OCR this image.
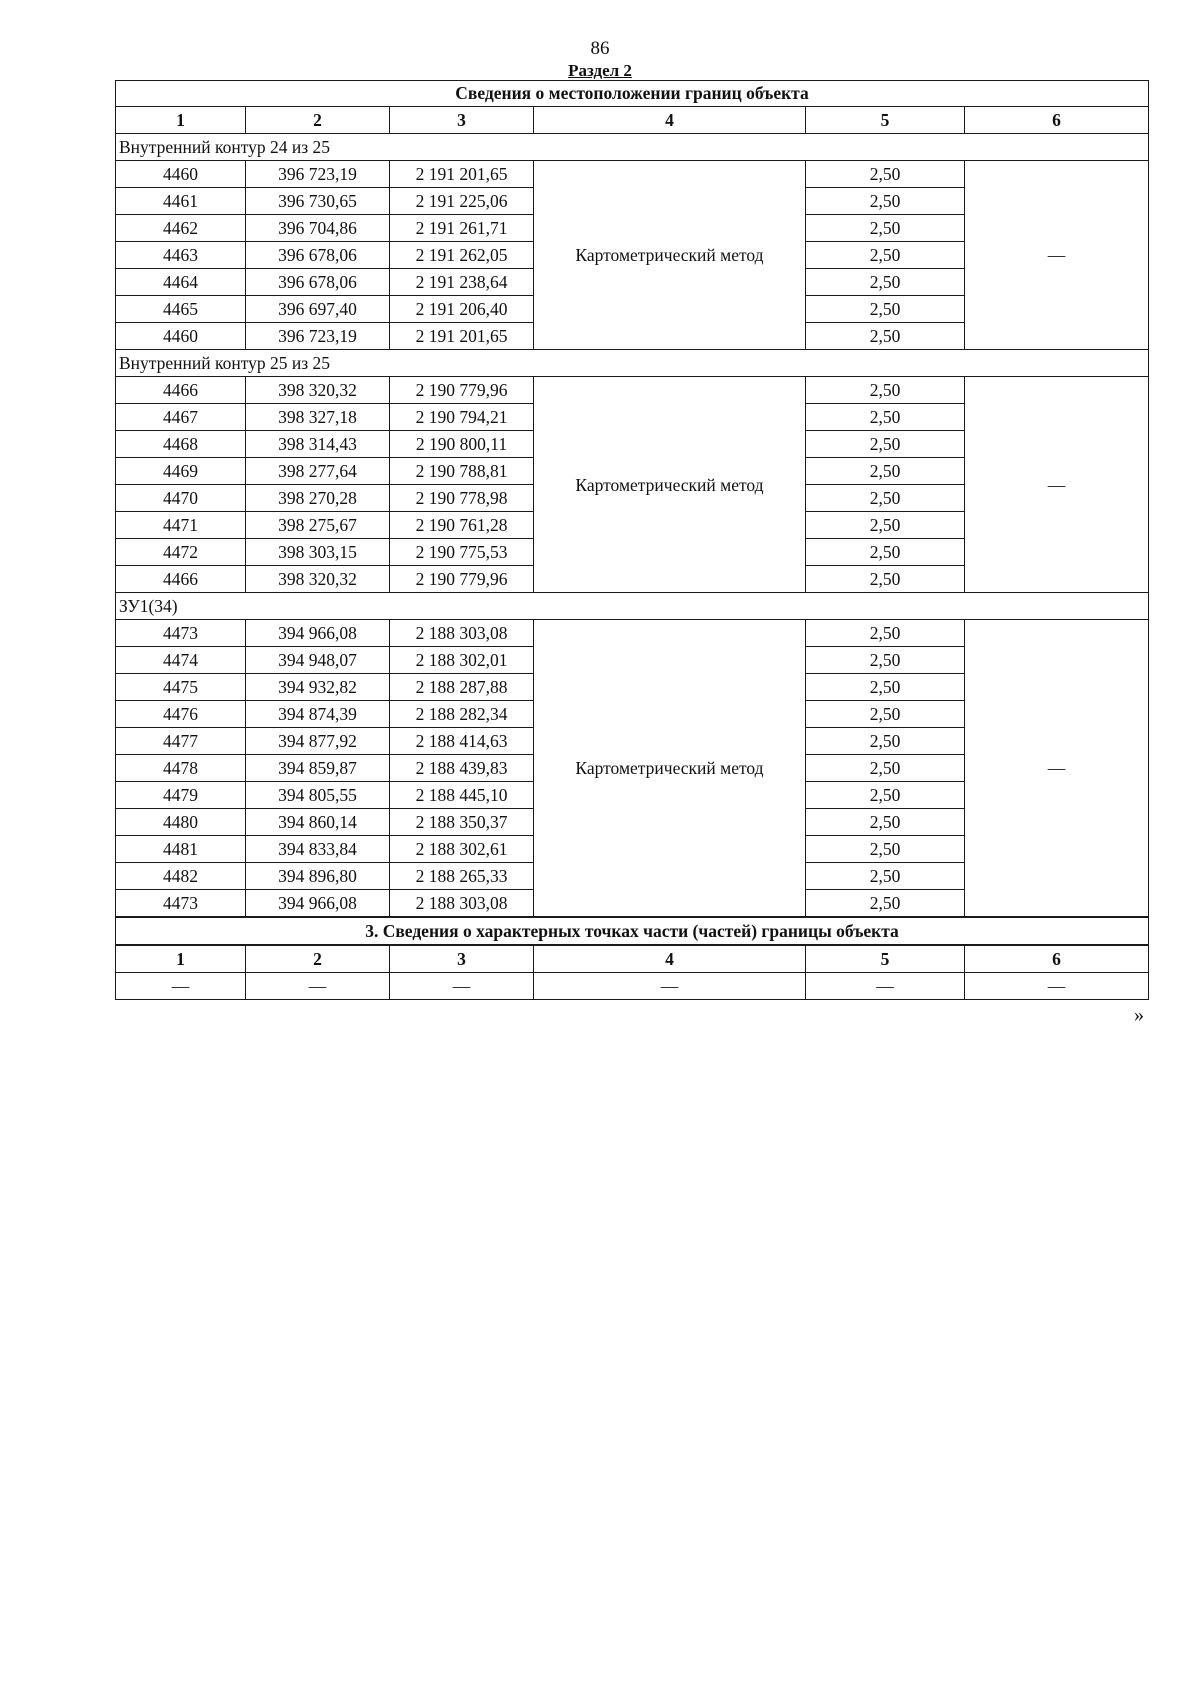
86
Раздел 2
Сведения о местоположении границ объекта					
1	2	3	4	5	6
Внутренний контур 24 из 25					
4460	396 723,19	2 191 201,65	Картометрический метод	2,50	—
4461	396 730,65	2 191 225,06		2,50	
4462	396 704,86	2 191 261,71		2,50	
4463	396 678,06	2 191 262,05		2,50	
4464	396 678,06	2 191 238,64		2,50	
4465	396 697,40	2 191 206,40		2,50	
4460	396 723,19	2 191 201,65		2,50	
Внутренний контур 25 из 25					
4466	398 320,32	2 190 779,96	Картометрический метод	2,50	—
4467	398 327,18	2 190 794,21		2,50	
4468	398 314,43	2 190 800,11		2,50	
4469	398 277,64	2 190 788,81		2,50	
4470	398 270,28	2 190 778,98		2,50	
4471	398 275,67	2 190 761,28		2,50	
4472	398 303,15	2 190 775,53		2,50	
4466	398 320,32	2 190 779,96		2,50	
ЗУ1(34)					
4473	394 966,08	2 188 303,08	Картометрический метод	2,50	—
4474	394 948,07	2 188 302,01		2,50	
4475	394 932,82	2 188 287,88		2,50	
4476	394 874,39	2 188 282,34		2,50	
4477	394 877,92	2 188 414,63		2,50	
4478	394 859,87	2 188 439,83		2,50	
4479	394 805,55	2 188 445,10		2,50	
4480	394 860,14	2 188 350,37		2,50	
4481	394 833,84	2 188 302,61		2,50	
4482	394 896,80	2 188 265,33		2,50	
4473	394 966,08	2 188 303,08		2,50	
3. Сведения о характерных точках части (частей) границы объекта					
1	2	3	4	5	6
—	—	—	—	—	—
»
